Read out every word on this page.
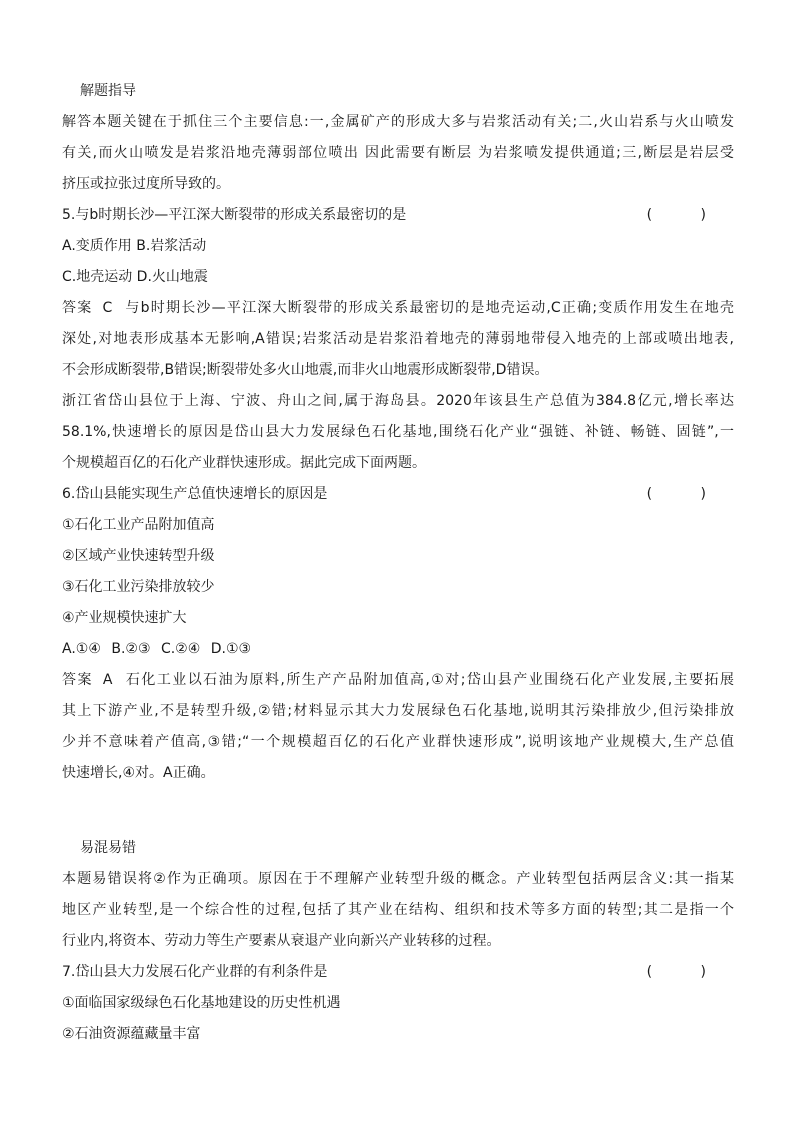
解题指导
解答本题关键在于抓住三个主要信息:一,金属矿产的形成大多与岩浆活动有关;二,火山岩系与火山喷发
有关,而火山喷发是岩浆沿地壳薄弱部位喷出 因此需要有断层 为岩浆喷发提供通道;三,断层是岩层受
挤压或拉张过度所导致的。
5.与b时期长沙—平江深大断裂带的形成关系最密切的是	( )
A.变质作用 B.岩浆活动
C.地壳运动 D.火山地震
答案 C 与b时期长沙—平江深大断裂带的形成关系最密切的是地壳运动,C正确;变质作用发生在地壳
深处,对地表形成基本无影响,A错误;岩浆活动是岩浆沿着地壳的薄弱地带侵入地壳的上部或喷出地表,
不会形成断裂带,B错误;断裂带处多火山地震,而非火山地震形成断裂带,D错误。
浙江省岱山县位于上海、宁波、舟山之间,属于海岛县。2020年该县生产总值为384.8亿元,增长率达
58.1%,快速增长的原因是岱山县大力发展绿色石化基地,围绕石化产业“强链、补链、畅链、固链”,一
个规模超百亿的石化产业群快速形成。据此完成下面两题。
6.岱山县能实现生产总值快速增长的原因是	( )
①石化工业产品附加值高
②区域产业快速转型升级
③石化工业污染排放较少
④产业规模快速扩大
A.①④ B.②③ C.②④ D.①③
答案 A 石化工业以石油为原料,所生产产品附加值高,①对;岱山县产业围绕石化产业发展,主要拓展
其上下游产业,不是转型升级,②错;材料显示其大力发展绿色石化基地,说明其污染排放少,但污染排放
少并不意味着产值高,③错;“一个规模超百亿的石化产业群快速形成”,说明该地产业规模大,生产总值
快速增长,④对。A正确。
易混易错
本题易错误将②作为正确项。原因在于不理解产业转型升级的概念。产业转型包括两层含义:其一指某
地区产业转型,是一个综合性的过程,包括了其产业在结构、组织和技术等多方面的转型;其二是指一个
行业内,将资本、劳动力等生产要素从衰退产业向新兴产业转移的过程。
7.岱山县大力发展石化产业群的有利条件是	( )
①面临国家级绿色石化基地建设的历史性机遇
②石油资源蕴藏量丰富
